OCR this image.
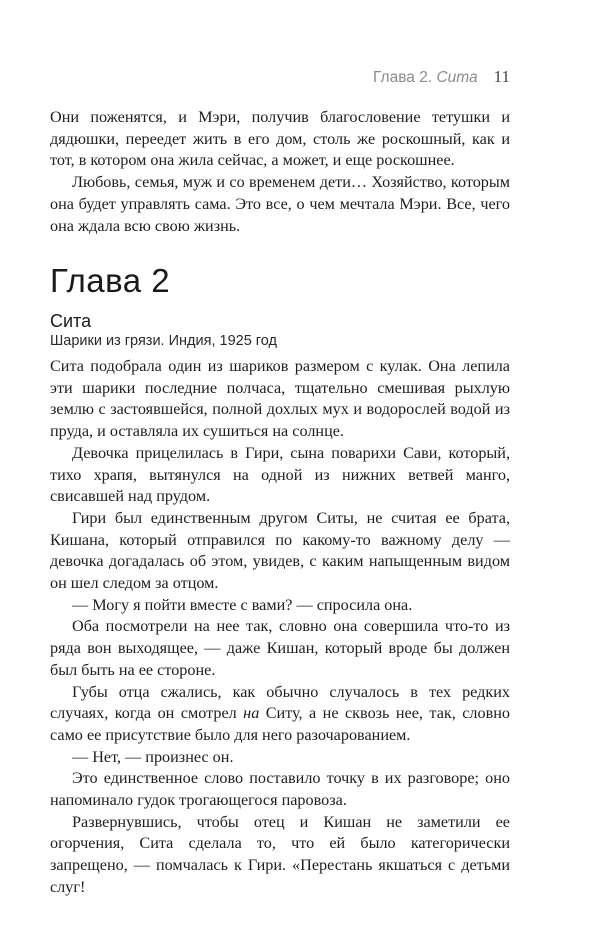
Глава 2. Сита 11

Они поженятся, и Мэри, получив благословение тетушки и дядюшки, переедет жить в его дом, столь же роскошный, как и тот, в котором она жила сейчас, а может, и еще роскошнее.

Любовь, семья, муж и со временем дети… Хозяйство, которым она будет управлять сама. Это все, о чем мечтала Мэри. Все, чего она ждала всю свою жизнь.

Глава 2
Сита
Шарики из грязи. Индия, 1925 год

Сита подобрала один из шариков размером с кулак. Она лепила эти шарики последние полчаса, тщательно смешивая рыхлую землю с застоявшейся, полной дохлых мух и водорослей водой из пруда, и оставляла их сушиться на солнце.

Девочка прицелилась в Гири, сына поварихи Сави, который, тихо храпя, вытянулся на одной из нижних ветвей манго, свисавшей над прудом.

Гири был единственным другом Ситы, не считая ее брата, Кишана, который отправился по какому-то важному делу — девочка догадалась об этом, увидев, с каким напыщенным видом он шел следом за отцом.

— Могу я пойти вместе с вами? — спросила она.

Оба посмотрели на нее так, словно она совершила что-то из ряда вон выходящее, — даже Кишан, который вроде бы должен был быть на ее стороне.

Губы отца сжались, как обычно случалось в тех редких случаях, когда он смотрел на Ситу, а не сквозь нее, так, словно само ее присутствие было для него разочарованием.

— Нет, — произнес он.

Это единственное слово поставило точку в их разговоре; оно напоминало гудок трогающегося паровоза.

Развернувшись, чтобы отец и Кишан не заметили ее огорчения, Сита сделала то, что ей было категорически запрещено, — помчалась к Гири. «Перестань якшаться с детьми слуг!
